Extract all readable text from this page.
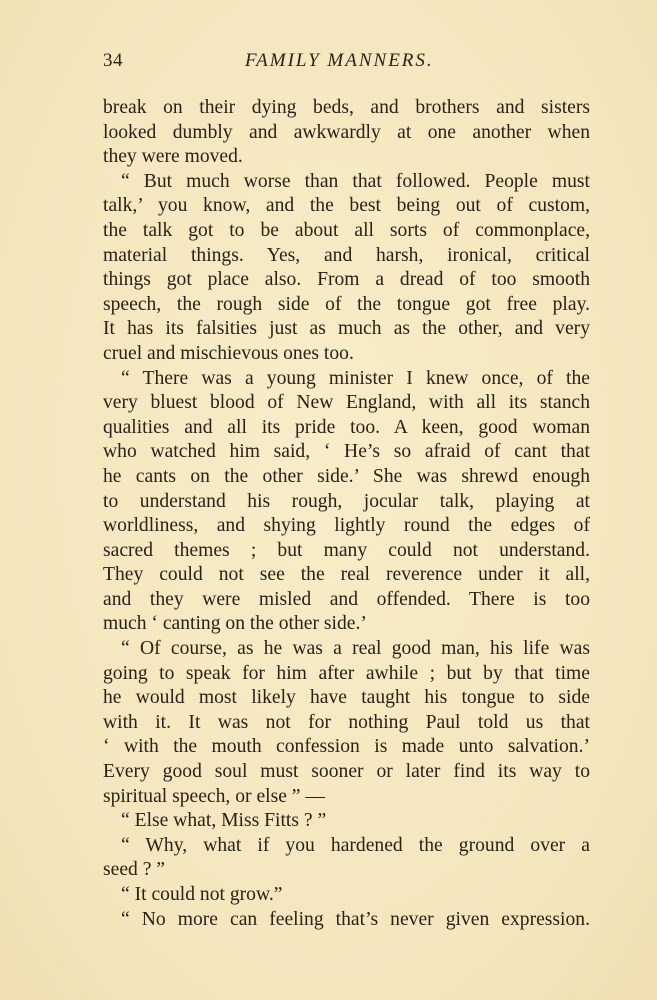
34	FAMILY MANNERS.
break on their dying beds, and brothers and sisters
looked dumbly and awkwardly at one another when
they were moved.
“ But much worse than that followed. People must
talk,’ you know, and the best being out of custom,
the talk got to be about all sorts of commonplace,
material things. Yes, and harsh, ironical, critical
things got place also. From a dread of too smooth
speech, the rough side of the tongue got free play.
It has its falsities just as much as the other, and very
cruel and mischievous ones too.
“ There was a young minister I knew once, of the
very bluest blood of New England, with all its stanch
qualities and all its pride too. A keen, good woman
who watched him said, ‘ He’s so afraid of cant that
he cants on the other side.’ She was shrewd enough
to understand his rough, jocular talk, playing at
worldliness, and shying lightly round the edges of
sacred themes ; but many could not understand.
They could not see the real reverence under it all,
and they were misled and offended. There is too
much ‘ canting on the other side.’
“ Of course, as he was a real good man, his life was
going to speak for him after awhile ; but by that time
he would most likely have taught his tongue to side
with it. It was not for nothing Paul told us that
‘ with the mouth confession is made unto salvation.’
Every good soul must sooner or later find its way to
spiritual speech, or else ” —
“ Else what, Miss Fitts ? ”
“ Why, what if you hardened the ground over a
seed ? ”
“ It could not grow.”
“ No more can feeling that’s never given expression.
